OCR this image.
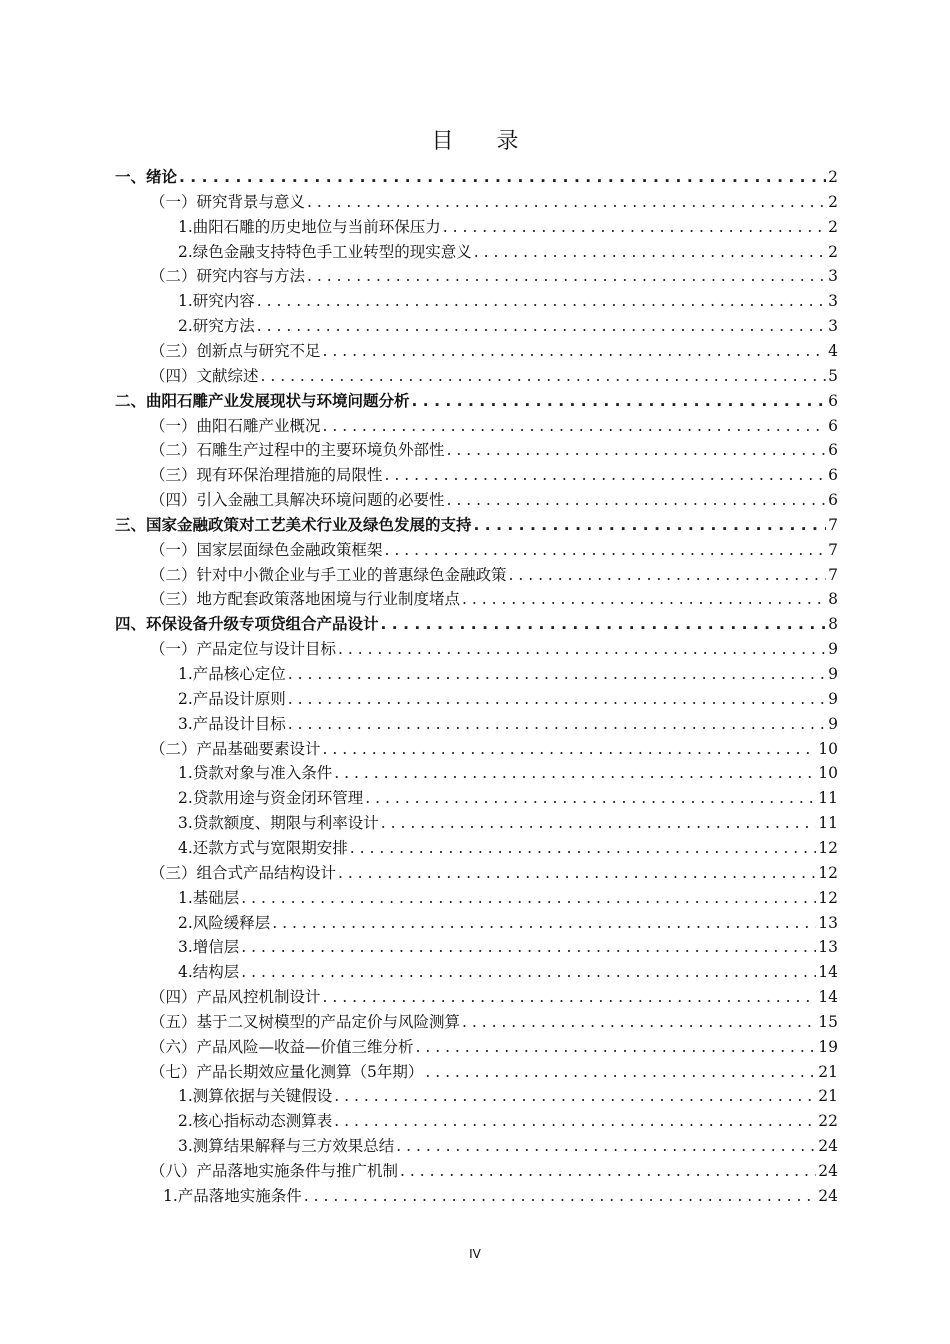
目 录
一、绪论 . . .	2
（一）研究背景与意义 . . .	2
1.曲阳石雕的历史地位与当前环保压力 . . .	2
2.绿色金融支持特色手工业转型的现实意义 . . .	2
（二）研究内容与方法 . . .	3
1.研究内容 . . .	3
2.研究方法 . . .	3
（三）创新点与研究不足 . . .	4
（四）文献综述 . . .	5
二、曲阳石雕产业发展现状与环境问题分析 . . .	6
（一）曲阳石雕产业概况 . . .	6
（二）石雕生产过程中的主要环境负外部性 . . .	6
（三）现有环保治理措施的局限性 . . .	6
（四）引入金融工具解决环境问题的必要性 . . .	6
三、国家金融政策对工艺美术行业及绿色发展的支持 . . .	7
（一）国家层面绿色金融政策框架 . . .	7
（二）针对中小微企业与手工业的普惠绿色金融政策 . . .	7
（三）地方配套政策落地困境与行业制度堵点 . . .	8
四、环保设备升级专项贷组合产品设计 . . .	8
（一）产品定位与设计目标 . . .	9
1.产品核心定位 . . .	9
2.产品设计原则 . . .	9
3.产品设计目标 . . .	9
（二）产品基础要素设计 . . .	10
1.贷款对象与准入条件 . . .	10
2.贷款用途与资金闭环管理 . . .	11
3.贷款额度、期限与利率设计 . . .	11
4.还款方式与宽限期安排 . . .	12
（三）组合式产品结构设计 . . .	12
1.基础层 . . .	12
2.风险缓释层 . . .	13
3.增信层 . . .	13
4.结构层 . . .	14
（四）产品风控机制设计 . . .	14
（五）基于二叉树模型的产品定价与风险测算 . . .	15
（六）产品风险—收益—价值三维分析 . . .	19
（七）产品长期效应量化测算（5年期） . . .	21
1.测算依据与关键假设 . . .	21
2.核心指标动态测算表 . . .	22
3.测算结果解释与三方效果总结 . . .	24
（八）产品落地实施条件与推广机制 . . .	24
1.产品落地实施条件 . . .	24
IV
